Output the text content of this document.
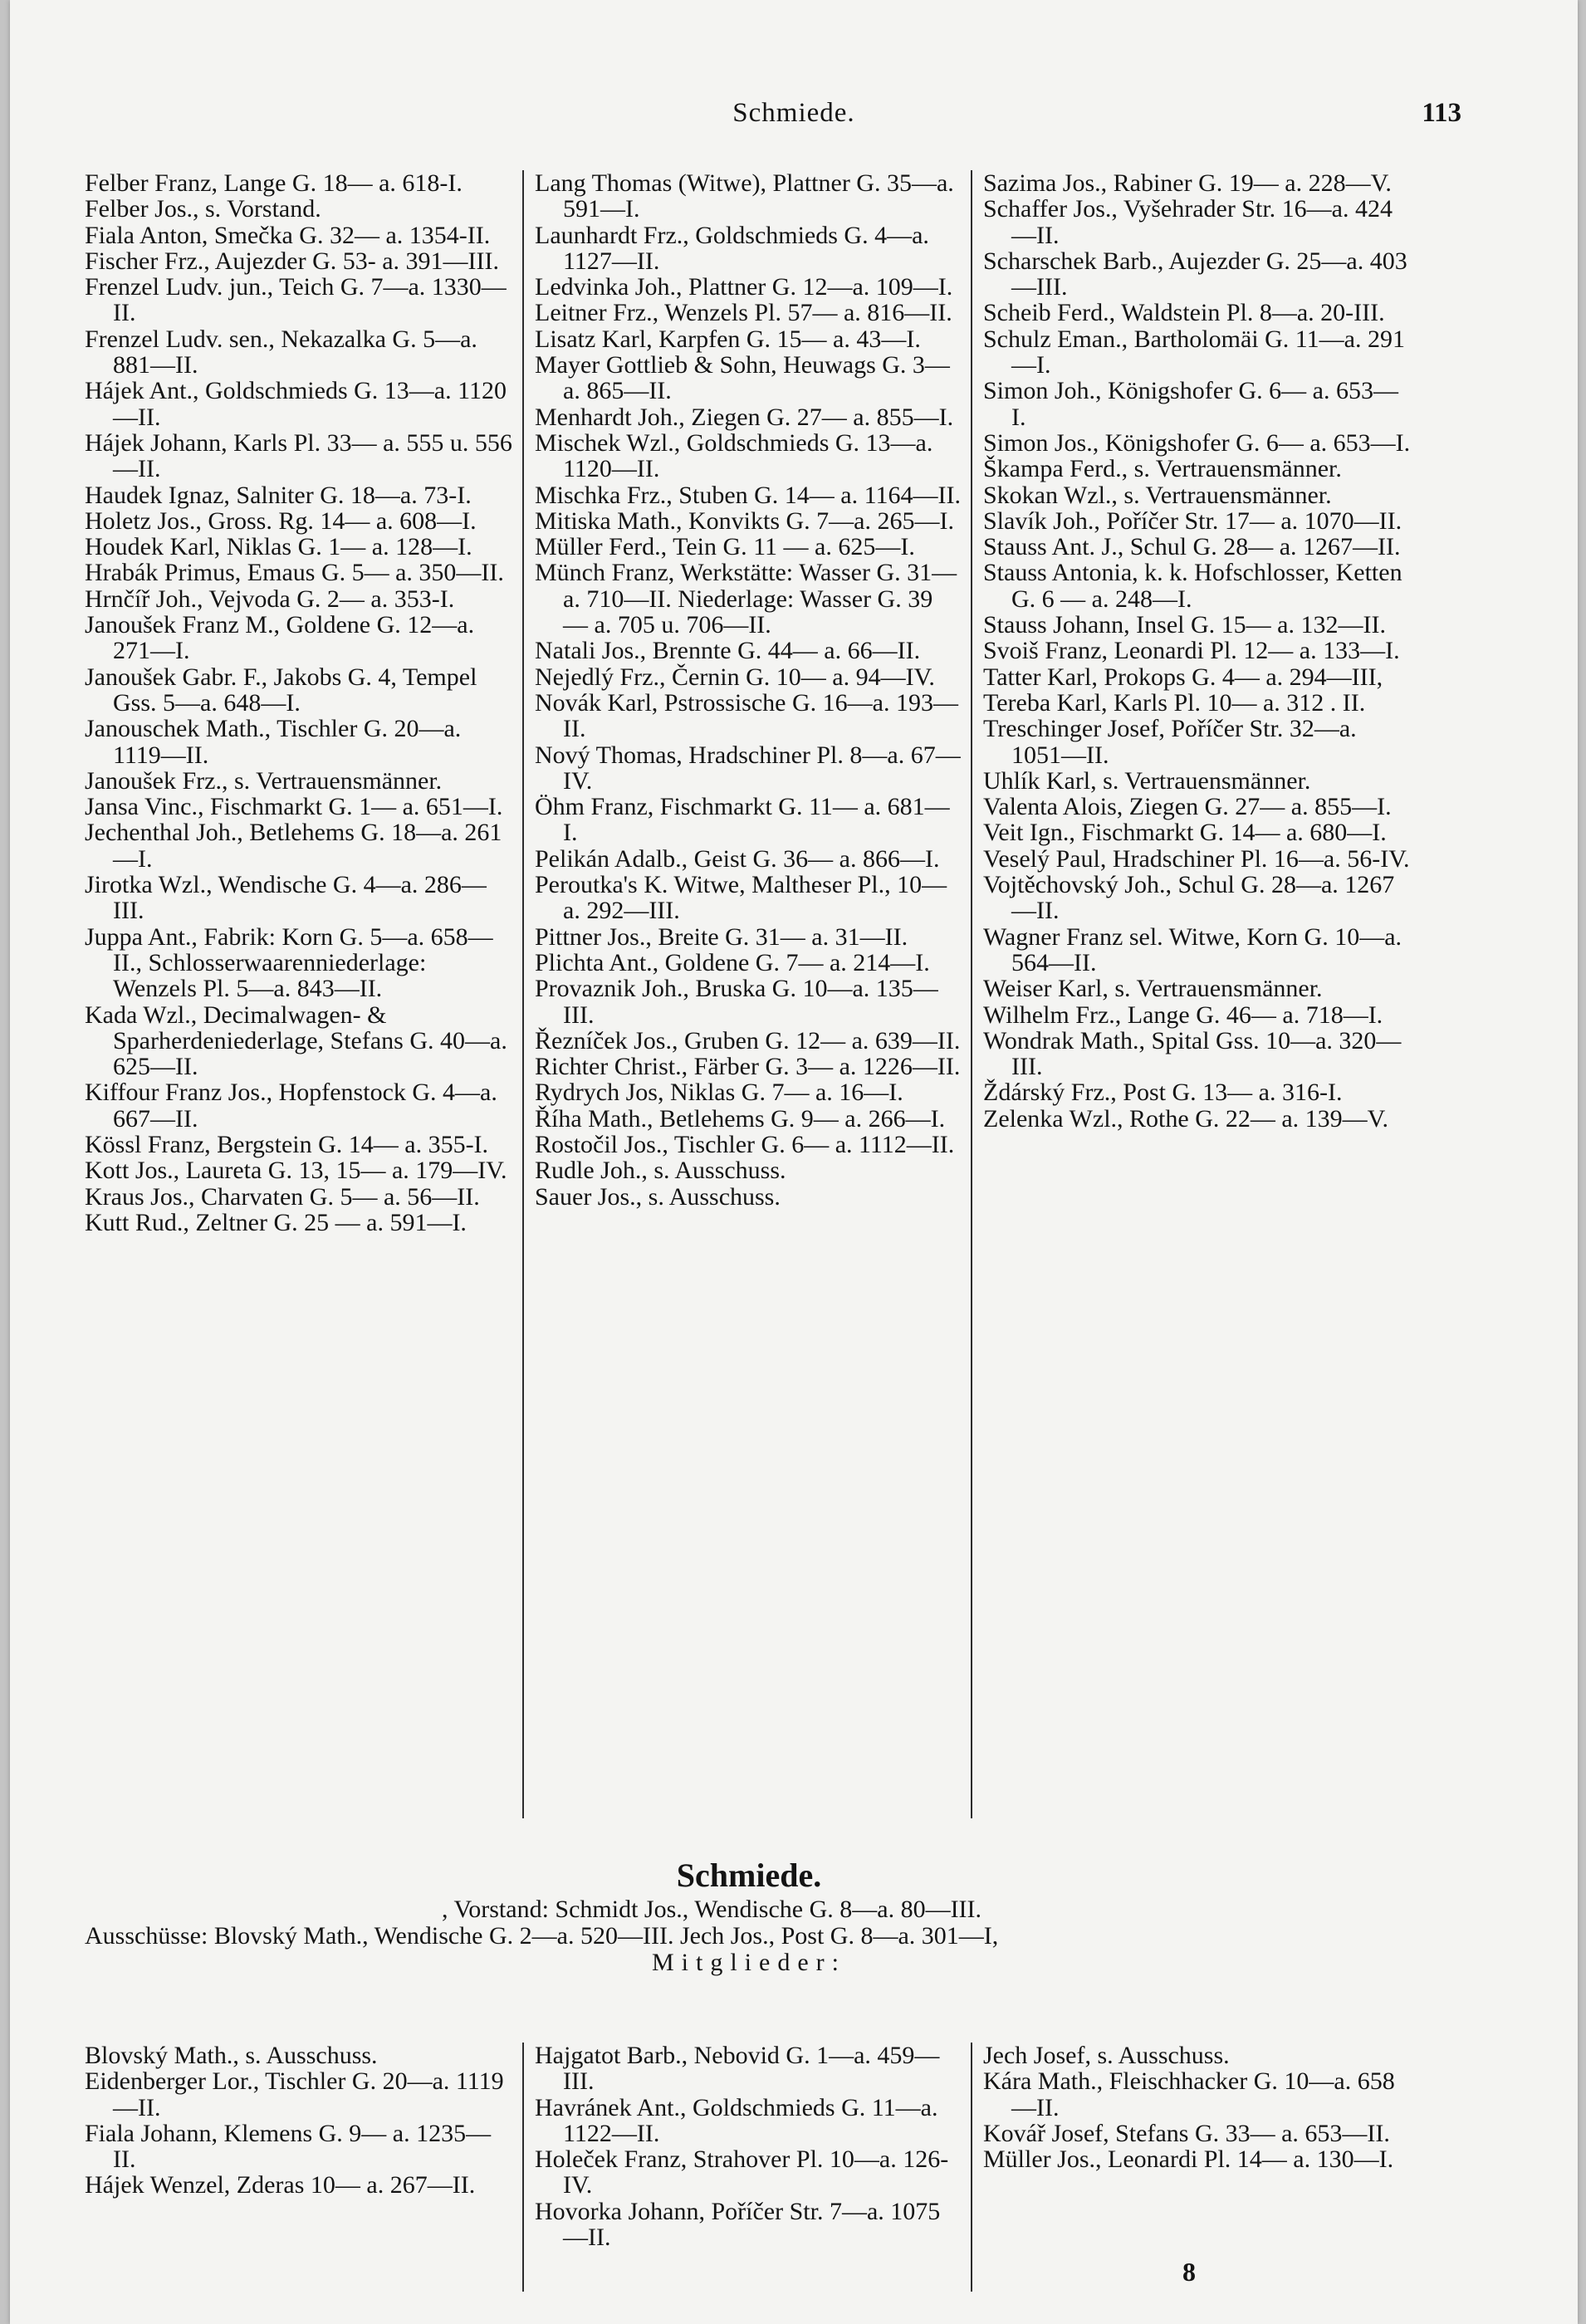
Schmiede.	113

Felber Franz, Lange G. 18— a. 618-I.

Felber Jos., s. Vorstand.

Fiala Anton, Smečka G. 32— a. 1354-II.

Fischer Frz., Aujezder G. 53- a. 391—III.

Frenzel Ludv. jun., Teich G. 7—a. 1330—II.

Frenzel Ludv. sen., Nekazalka G. 5—a. 881—II.

Hájek Ant., Goldschmieds G. 13—a. 1120—II.

Hájek Johann, Karls Pl. 33— a. 555 u. 556—II.

Haudek Ignaz, Salniter G. 18—a. 73-I.

Holetz Jos., Gross. Rg. 14— a. 608—I.

Houdek Karl, Niklas G. 1— a. 128—I.

Hrabák Primus, Emaus G. 5— a. 350—II.

Hrnčíř Joh., Vejvoda G. 2— a. 353-I.

Janoušek Franz M., Goldene G. 12—a. 271—I.

Janoušek Gabr. F., Jakobs G. 4, Tempel Gss. 5—a. 648—I.

Janouschek Math., Tischler G. 20—a. 1119—II.

Janoušek Frz., s. Vertrauensmänner.

Jansa Vinc., Fischmarkt G. 1— a. 651—I.

Jechenthal Joh., Betlehems G. 18—a. 261—I.

Jirotka Wzl., Wendische G. 4—a. 286—III.

Juppa Ant., Fabrik: Korn G. 5—a. 658—II., Schlosserwaarenniederlage: Wenzels Pl. 5—a. 843—II.

Kada Wzl., Decimalwagen- & Sparherdeniederlage, Stefans G. 40—a. 625—II.

Kiffour Franz Jos., Hopfenstock G. 4—a. 667—II.

Kössl Franz, Bergstein G. 14— a. 355-I.

Kott Jos., Laureta G. 13, 15— a. 179—IV.

Kraus Jos., Charvaten G. 5— a. 56—II.

Kutt Rud., Zeltner G. 25 — a. 591—I.

Lang Thomas (Witwe), Plattner G. 35—a. 591—I.

Launhardt Frz., Goldschmieds G. 4—a. 1127—II.

Ledvinka Joh., Plattner G. 12—a. 109—I.

Leitner Frz., Wenzels Pl. 57— a. 816—II.

Lisatz Karl, Karpfen G. 15— a. 43—I.

Mayer Gottlieb & Sohn, Heuwags G. 3—a. 865—II.

Menhardt Joh., Ziegen G. 27— a. 855—I.

Mischek Wzl., Goldschmieds G. 13—a. 1120—II.

Mischka Frz., Stuben G. 14— a. 1164—II.

Mitiska Math., Konvikts G. 7—a. 265—I.

Müller Ferd., Tein G. 11 — a. 625—I.

Münch Franz, Werkstätte: Wasser G. 31—a. 710—II. Niederlage: Wasser G. 39 — a. 705 u. 706—II.

Natali Jos., Brennte G. 44— a. 66—II.

Nejedlý Frz., Černin G. 10— a. 94—IV.

Novák Karl, Pstrossische G. 16—a. 193—II.

Nový Thomas, Hradschiner Pl. 8—a. 67—IV.

Öhm Franz, Fischmarkt G. 11— a. 681—I.

Pelikán Adalb., Geist G. 36— a. 866—I.

Peroutka's K. Witwe, Maltheser Pl., 10—a. 292—III.

Pittner Jos., Breite G. 31— a. 31—II.

Plichta Ant., Goldene G. 7— a. 214—I.

Provaznik Joh., Bruska G. 10—a. 135—III.

Řezníček Jos., Gruben G. 12— a. 639—II.

Richter Christ., Färber G. 3— a. 1226—II.

Rydrych Jos, Niklas G. 7— a. 16—I.

Říha Math., Betlehems G. 9— a. 266—I.

Rostočil Jos., Tischler G. 6— a. 1112—II.

Rudle Joh., s. Ausschuss.

Sauer Jos., s. Ausschuss.

Sazima Jos., Rabiner G. 19— a. 228—V.

Schaffer Jos., Vyšehrader Str. 16—a. 424—II.

Scharschek Barb., Aujezder G. 25—a. 403—III.

Scheib Ferd., Waldstein Pl. 8—a. 20-III.

Schulz Eman., Bartholomäi G. 11—a. 291—I.

Simon Joh., Königshofer G. 6— a. 653—I.

Simon Jos., Königshofer G. 6— a. 653—I.

Škampa Ferd., s. Vertrauensmänner.

Skokan Wzl., s. Vertrauensmänner.

Slavík Joh., Poříčer Str. 17— a. 1070—II.

Stauss Ant. J., Schul G. 28— a. 1267—II.

Stauss Antonia, k. k. Hofschlosser, Ketten G. 6 — a. 248—I.

Stauss Johann, Insel G. 15— a. 132—II.

Svoiš Franz, Leonardi Pl. 12— a. 133—I.

Tatter Karl, Prokops G. 4— a. 294—III,

Tereba Karl, Karls Pl. 10— a. 312 . II.

Treschinger Josef, Poříčer Str. 32—a. 1051—II.

Uhlík Karl, s. Vertrauensmänner.

Valenta Alois, Ziegen G. 27— a. 855—I.

Veit Ign., Fischmarkt G. 14— a. 680—I.

Veselý Paul, Hradschiner Pl. 16—a. 56-IV.

Vojtěchovský Joh., Schul G. 28—a. 1267—II.

Wagner Franz sel. Witwe, Korn G. 10—a. 564—II.

Weiser Karl, s. Vertrauensmänner.

Wilhelm Frz., Lange G. 46— a. 718—I.

Wondrak Math., Spital Gss. 10—a. 320—III.

Ždárský Frz., Post G. 13— a. 316-I.

Zelenka Wzl., Rothe G. 22— a. 139—V.

Schmiede.

, Vorstand: Schmidt Jos., Wendische G. 8—a. 80—III.

Ausschüsse: Blovský Math., Wendische G. 2—a. 520—III. Jech Jos., Post G. 8—a. 301—I,

Mitglieder:

Blovský Math., s. Ausschuss.

Eidenberger Lor., Tischler G. 20—a. 1119—II.

Fiala Johann, Klemens G. 9— a. 1235—II.

Hájek Wenzel, Zderas 10— a. 267—II.

Hajgatot Barb., Nebovid G. 1—a. 459—III.

Havránek Ant., Goldschmieds G. 11—a. 1122—II.

Holeček Franz, Strahover Pl. 10—a. 126-IV.

Hovorka Johann, Poříčer Str. 7—a. 1075—II.

Jech Josef, s. Ausschuss.

Kára Math., Fleischhacker G. 10—a. 658—II.

Kovář Josef, Stefans G. 33— a. 653—II.

Müller Jos., Leonardi Pl. 14— a. 130—I.

8
